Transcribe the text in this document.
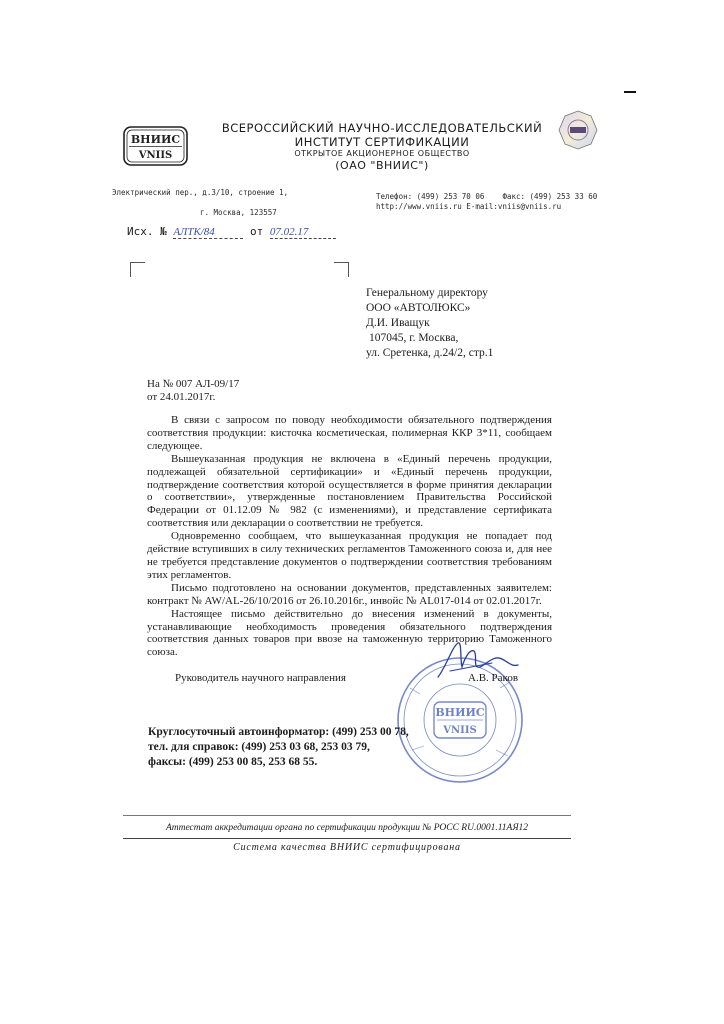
ВНИИС
VNIIS
ВСЕРОССИЙСКИЙ НАУЧНО-ИССЛЕДОВАТЕЛЬСКИЙ
ИНСТИТУТ СЕРТИФИКАЦИИ
ОТКРЫТОЕ АКЦИОНЕРНОЕ ОБЩЕСТВО
(ОАО "ВНИИС")
Электрический пер., д.3/10, строение 1,
г. Москва, 123557
Телефон: (499) 253 70 06 Факс: (499) 253 33 60
http://www.vniis.ru E-mail:vniis@vniis.ru
Исх. № АЛТК/84	от 07.02.17
Генеральному директору
ООО «АВТОЛЮКС»
Д.И. Иващук
107045, г. Москва,
ул. Сретенка, д.24/2, стр.1
На № 007 АЛ-09/17
от 24.01.2017г.

В связи с запросом по поводу необходимости обязательного подтверждения соответствия продукции: кисточка косметическая, полимерная ККР 3*11, сообщаем следующее.

Вышеуказанная продукция не включена в «Единый перечень продукции, подлежащей обязательной сертификации» и «Единый перечень продукции, подтверждение соответствия которой осуществляется в форме принятия декларации о соответствии», утвержденные постановлением Правительства Российской Федерации от 01.12.09 № 982 (с изменениями), и представление сертификата соответствия или декларации о соответствии не требуется.

Одновременно сообщаем, что вышеуказанная продукция не попадает под действие вступивших в силу технических регламентов Таможенного союза и, для нее не требуется представление документов о подтверждении соответствия требованиям этих регламентов.

Письмо подготовлено на основании документов, представленных заявителем: контракт № AW/AL-26/10/2016 от 26.10.2016г., инвойс № AL017-014 от 02.01.2017г.

Настоящее письмо действительно до внесения изменений в документы, устанавливающие необходимость проведения обязательного подтверждения соответствия данных товаров при ввозе на таможенную территорию Таможенного союза.

ВНИИС
VNIIS
Руководитель научного направления	А.В. Раков
Круглосуточный автоинформатор: (499) 253 00 78,
тел. для справок: (499) 253 03 68, 253 03 79,
факсы: (499) 253 00 85, 253 68 55.
Аттестат аккредитации органа по сертификации продукции № РОСС RU.0001.11АЯ12
Система качества ВНИИС сертифицирована
